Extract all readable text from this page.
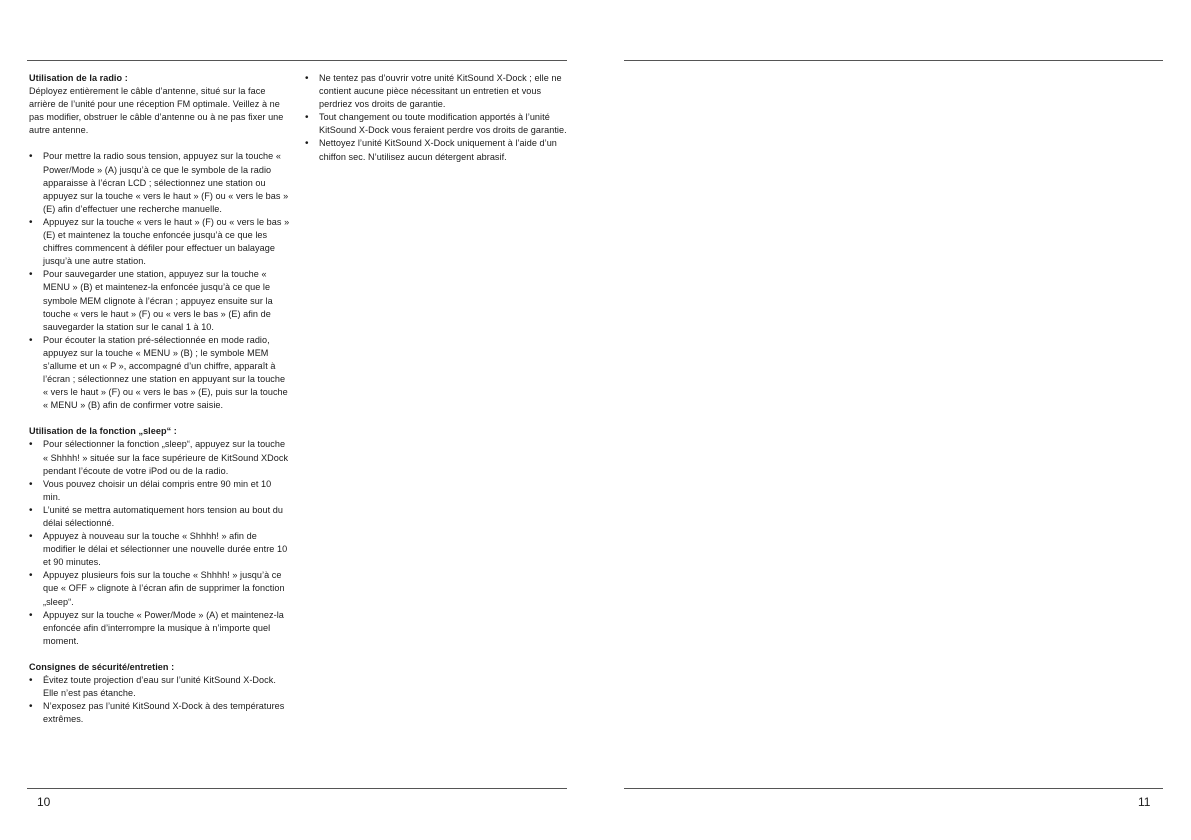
Utilisation de la radio :

Déployez entièrement le câble d’antenne, situé sur la face arrière de l’unité pour une réception FM optimale. Veillez à ne pas modifier, obstruer le câble d’antenne ou à ne pas fixer une autre antenne.

• Pour mettre la radio sous tension, appuyez sur la touche « Power/Mode » (A) jusqu’à ce que le symbole de la radio apparaisse à l’écran LCD ; sélectionnez une station ou appuyez sur la touche « vers le haut » (F) ou « vers le bas » (E) afin d’effectuer une recherche manuelle.
• Appuyez sur la touche « vers le haut » (F) ou « vers le bas » (E) et maintenez la touche enfoncée jusqu’à ce que les chiffres commencent à défiler pour effectuer un balayage jusqu’à une autre station.
• Pour sauvegarder une station, appuyez sur la touche « MENU » (B) et maintenez-la enfoncée jusqu’à ce que le symbole MEM clignote à l’écran ; appuyez ensuite sur la touche « vers le haut » (F) ou « vers le bas » (E) afin de sauvegarder la station sur le canal 1 à 10.
• Pour écouter la station pré-sélectionnée en mode radio, appuyez sur la touche « MENU » (B) ; le symbole MEM s’allume et un « P », accompagné d’un chiffre, apparaît à l’écran ; sélectionnez une station en appuyant sur la touche « vers le haut » (F) ou « vers le bas » (E), puis sur la touche « MENU » (B) afin de confirmer votre saisie.

Utilisation de la fonction „sleep“ :

• Pour sélectionner la fonction „sleep“, appuyez sur la touche « Shhhh! » située sur la face supérieure de KitSound XDock pendant l’écoute de votre iPod ou de la radio.
• Vous pouvez choisir un délai compris entre 90 min et 10 min.
• L’unité se mettra automatiquement hors tension au bout du délai sélectionné.
• Appuyez à nouveau sur la touche « Shhhh! » afin de modifier le délai et sélectionner une nouvelle durée entre 10 et 90 minutes.
• Appuyez plusieurs fois sur la touche « Shhhh! » jusqu’à ce que « OFF » clignote à l’écran afin de supprimer la fonction „sleep“.
• Appuyez sur la touche « Power/Mode » (A) et maintenez-la enfoncée afin d’interrompre la musique à n’importe quel moment.

Consignes de sécurité/entretien :

• Évitez toute projection d’eau sur l’unité KitSound X-Dock. Elle n’est pas étanche.
• N’exposez pas l’unité KitSound X-Dock à des températures extrêmes.
• Ne tentez pas d’ouvrir votre unité KitSound X-Dock ; elle ne contient aucune pièce nécessitant un entretien et vous perdriez vos droits de garantie.
• Tout changement ou toute modification apportés à l’unité KitSound X-Dock vous feraient perdre vos droits de garantie.
• Nettoyez l’unité KitSound X-Dock uniquement à l’aide d’un chiffon sec. N’utilisez aucun détergent abrasif.
10	11
